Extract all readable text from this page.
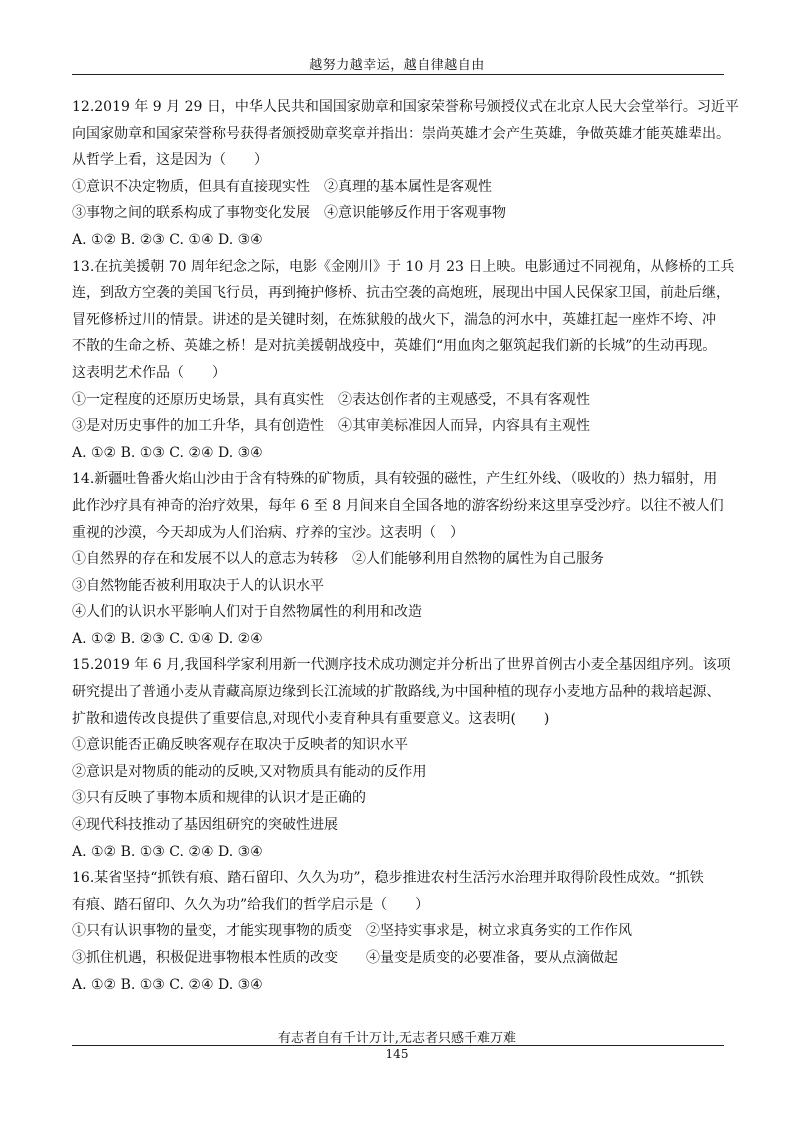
越努力越幸运，越自律越自由
12.2019 年 9 月 29 日，中华人民共和国国家勋章和国家荣誉称号颁授仪式在北京人民大会堂举行。习近平
向国家勋章和国家荣誉称号获得者颁授勋章奖章并指出：崇尚英雄才会产生英雄，争做英雄才能英雄辈出。
从哲学上看，这是因为（　　）
①意识不决定物质，但具有直接现实性　②真理的基本属性是客观性
③事物之间的联系构成了事物变化发展　④意识能够反作用于客观事物
A. ①② B. ②③ C. ①④ D. ③④
13.在抗美援朝 70 周年纪念之际，电影《金刚川》于 10 月 23 日上映。电影通过不同视角，从修桥的工兵
连，到敌方空袭的美国飞行员，再到掩护修桥、抗击空袭的高炮班，展现出中国人民保家卫国，前赴后继，
冒死修桥过川的情景。讲述的是关键时刻，在炼狱般的战火下，湍急的河水中，英雄扛起一座炸不垮、冲
不散的生命之桥、英雄之桥！是对抗美援朝战疫中，英雄们“用血肉之躯筑起我们新的长城”的生动再现。
这表明艺术作品（　　）
①一定程度的还原历史场景，具有真实性　②表达创作者的主观感受，不具有客观性
③是对历史事件的加工升华，具有创造性　④其审美标准因人而异，内容具有主观性
A. ①② B. ①③ C. ②④ D. ③④
14.新疆吐鲁番火焰山沙由于含有特殊的矿物质，具有较强的磁性，产生红外线、（吸收的）热力辐射，用
此作沙疗具有神奇的治疗效果，每年 6 至 8 月间来自全国各地的游客纷纷来这里享受沙疗。以往不被人们
重视的沙漠，今天却成为人们治病、疗养的宝沙。这表明（　）
①自然界的存在和发展不以人的意志为转移　②人们能够利用自然物的属性为自己服务
③自然物能否被利用取决于人的认识水平
④人们的认识水平影响人们对于自然物属性的利用和改造
A. ①② B. ②③ C. ①④ D. ②④
15.2019 年 6 月,我国科学家利用新一代测序技术成功测定并分析出了世界首例古小麦全基因组序列。该项
研究提出了普通小麦从青藏高原边缘到长江流域的扩散路线,为中国种植的现存小麦地方品种的栽培起源、
扩散和遗传改良提供了重要信息,对现代小麦育种具有重要意义。这表明(　　)
①意识能否正确反映客观存在取决于反映者的知识水平
②意识是对物质的能动的反映,又对物质具有能动的反作用
③只有反映了事物本质和规律的认识才是正确的
④现代科技推动了基因组研究的突破性进展
A. ①② B. ①③ C. ②④ D. ③④
16.某省坚持“抓铁有痕、踏石留印、久久为功”，稳步推进农村生活污水治理并取得阶段性成效。“抓铁
有痕、踏石留印、久久为功”给我们的哲学启示是（　　）
①只有认识事物的量变，才能实现事物的质变　②坚持实事求是，树立求真务实的工作作风
③抓住机遇，积极促进事物根本性质的改变　　④量变是质变的必要准备，要从点滴做起
A. ①② B. ①③ C. ②④ D. ③④
有志者自有千计万计,无志者只感千难万难
145
